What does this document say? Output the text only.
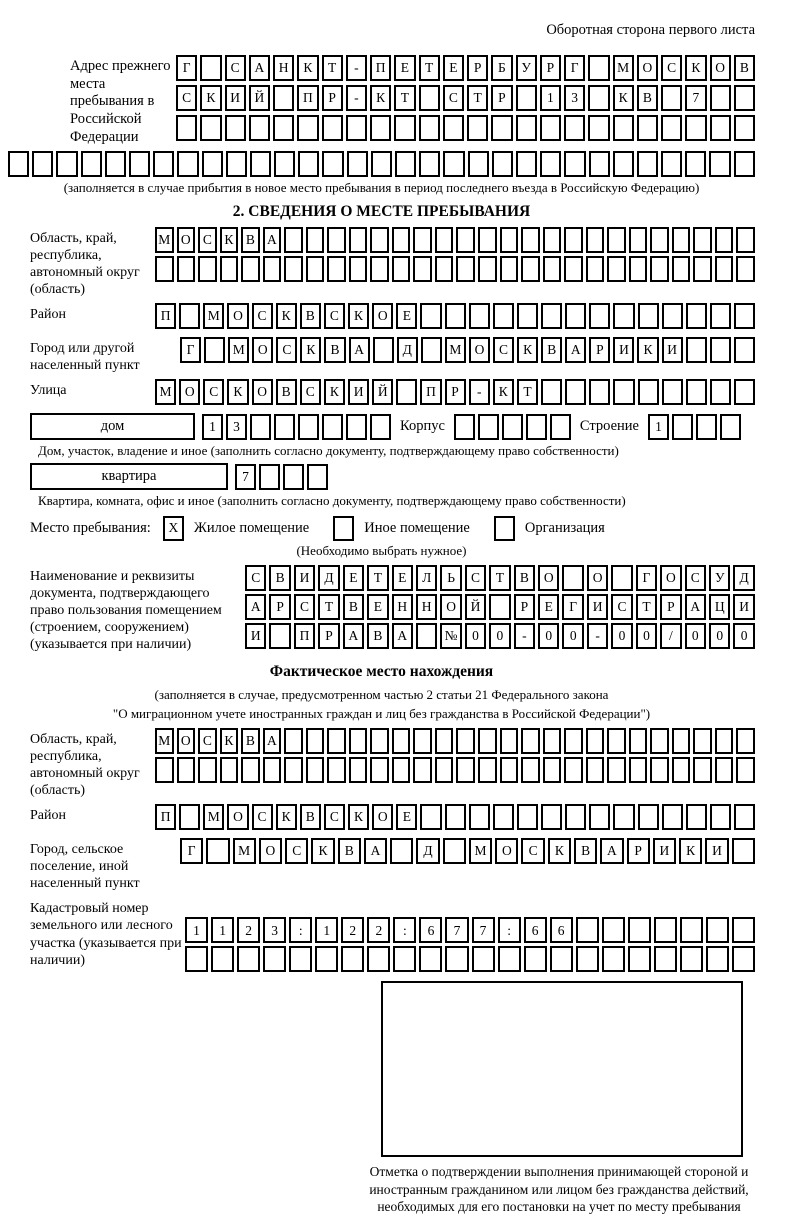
Оборотная сторона первого листа
Адрес прежнего места пребывания в Российской Федерации
Г	С	А	Н	К	Т	-	П	Е	Т	Е	Р	Б	У	Р	Г	М О	С	К	О	В
С	К	И	Й	П	Р	-	К	Т	С	Т	Р	1	3	К	В	7
(заполняется в случае прибытия в новое место пребывания в период последнего въезда в Российскую Федерацию)
2. СВЕДЕНИЯ О МЕСТЕ ПРЕБЫВАНИЯ
Область, край, республика, автономный округ (область)
М О С К В А
Район	П	М О	С	К	В	С	К	О	Е
Город или другой населенный пункт
Г	М О	С	К	В	А	Д	М О	С	К	В	А	Р	И	К	И
Улица	М О	С	К	О	В	С	К	И	Й	П	Р	-	К	Т
дом	1	3	Корпус	Строение	1
Дом, участок, владение и иное (заполнить согласно документу, подтверждающему право собственности)
квартира	7
Квартира, комната, офис и иное (заполнить согласно документу, подтверждающему право собственности)
Место пребывания:	X	Жилое помещение	Иное помещение	Организация
(Необходимо выбрать нужное)
Наименование и реквизиты документа, подтверждающего право пользования помещением (строением, сооружением) (указывается при наличии)
С	В	И	Д	Е	Т	Е	Л	Ь	С	Т	В	О	О	Г	О	С	У	Д
А	Р	С	Т	В	Е	Н	Н	О	Й	Р	Е	Г	И	С	Т	Р	А	Ц	И
И	П	Р	А	В	А	№	0	0	-	0	0	-	0	0	/	0	0	0
Фактическое место нахождения
(заполняется в случае, предусмотренном частью 2 статьи 21 Федерального закона
"О миграционном учете иностранных граждан и лиц без гражданства в Российской Федерации")
Область, край, республика, автономный округ (область)
М О С К В А
Район	П	М О	С	К	В	С	К	О	Е
Город, сельское поселение, иной населенный пункт
Г	М	О	С	К	В	А	Д	М	О	С	К	В	А	Р	И	К	И
Кадастровый номер земельного или лесного участка (указывается при наличии)
1	1	2	3	:	1	2	2	:	6	7	7	:	6	6
Отметка о подтверждении выполнения принимающей стороной и иностранным гражданином или лицом без гражданства действий, необходимых для его постановки на учет по месту пребывания
